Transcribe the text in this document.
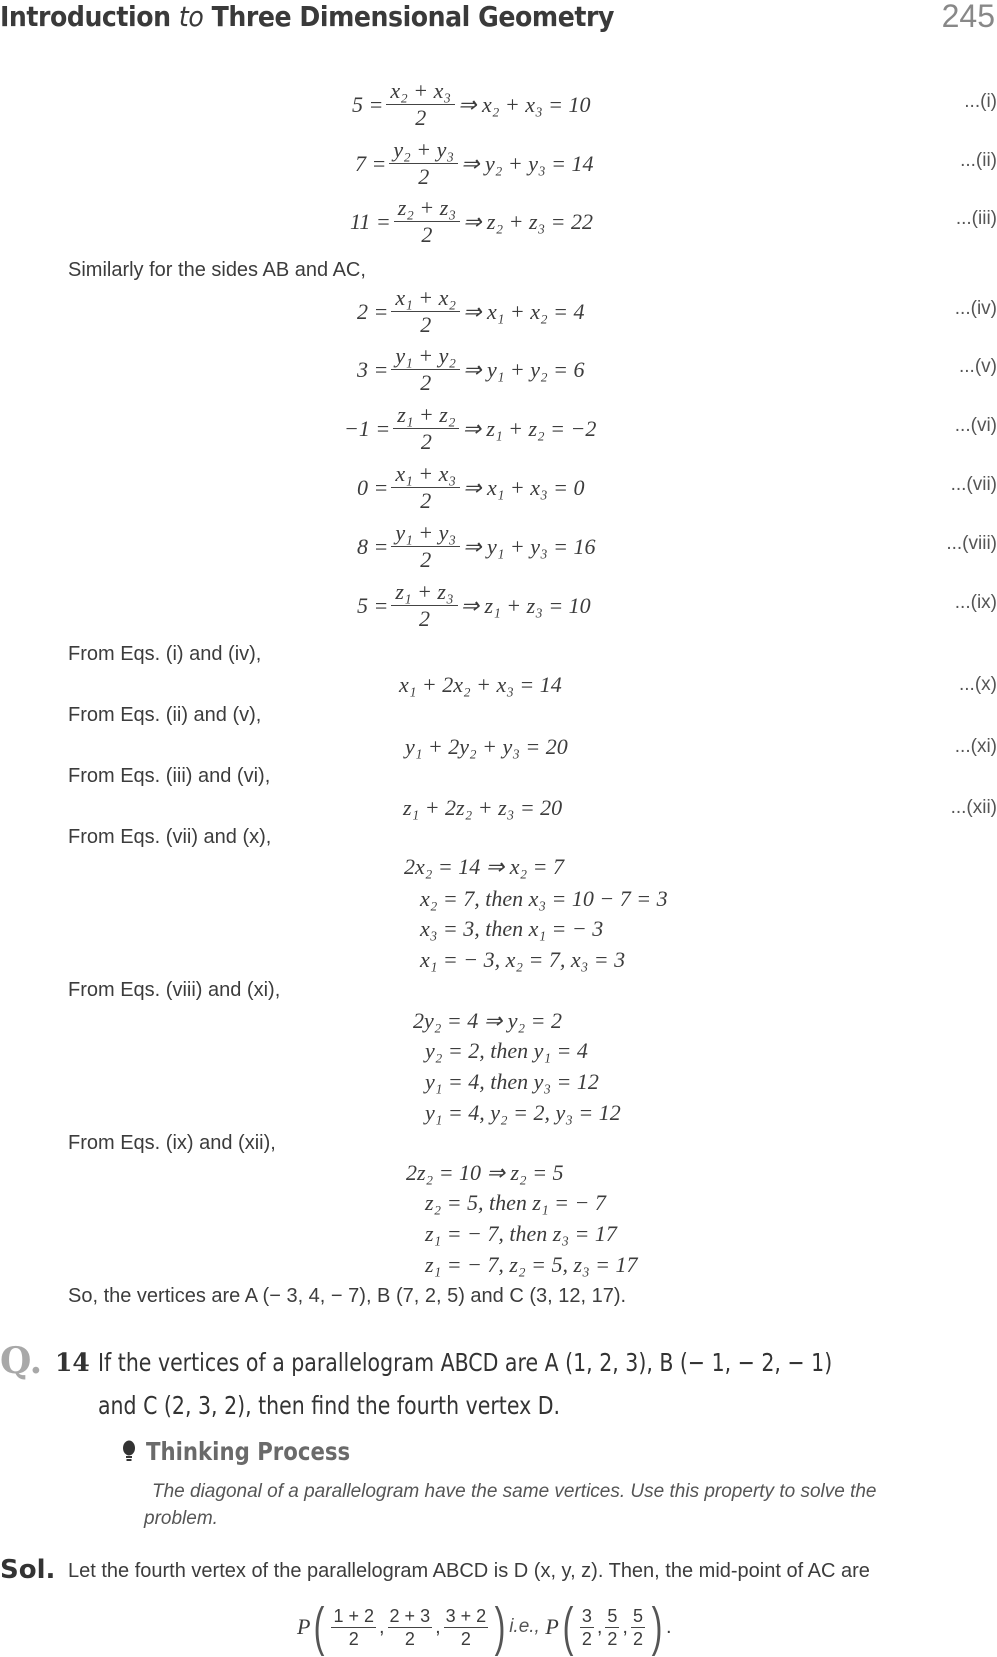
Introduction to Three Dimensional Geometry	245
$5 = \frac{\text{x₂ + x₃}}{2}$ ⇒ x₂ + x₃ = 10	...(i)
$7 = \frac{\text{y₂ + y₃}}{2}$ ⇒ y₂ + y₃ = 14	...(ii)
$11 = \frac{\text{z₂ + z₃}}{2}$ ⇒ z₂ + z₃ = 22	...(iii)
Similarly for the sides AB and AC,
$2 = \frac{\text{x₁ + x₂}}{2}$ ⇒ x₁ + x₂ = 4	...(iv)
$3 = \frac{\text{y₁ + y₂}}{2}$ ⇒ y₁ + y₂ = 6	...(v)
$-1 = \frac{\text{z₁ + z₂}}{2}$ ⇒ z₁ + z₂ = −2	...(vi)
$0 = \frac{\text{x₁ + x₃}}{2}$ ⇒ x₁ + x₃ = 0	...(vii)
$8 = \frac{\text{y₁ + y₃}}{2}$ ⇒ y₁ + y₃ = 16	...(viii)
$5 = \frac{\text{z₁ + z₃}}{2}$ ⇒ z₁ + z₃ = 10	...(ix)
From Eqs. (i) and (iv),
x₁ + 2x₂ + x₃ = 14	...(x)
From Eqs. (ii) and (v),
y₁ + 2y₂ + y₃ = 20	...(xi)
From Eqs. (iii) and (vi),
z₁ + 2z₂ + z₃ = 20	...(xii)
From Eqs. (vii) and (x),
2x₂ = 14 ⇒ x₂ = 7
x₂ = 7, then x₃ = 10 − 7 = 3
x₃ = 3, then x₁ = − 3
x₁ = − 3, x₂ = 7, x₃ = 3
From Eqs. (viii) and (xi),
2y₂ = 4 ⇒ y₂ = 2
y₂ = 2, then y₁ = 4
y₁ = 4, then y₃ = 12
y₁ = 4, y₂ = 2, y₃ = 12
From Eqs. (ix) and (xii),
2z₂ = 10 ⇒ z₂ = 5
z₂ = 5, then z₁ = − 7
z₁ = − 7, then z₃ = 17
z₁ = − 7, z₂ = 5, z₃ = 17
So, the vertices are A (− 3, 4, − 7), B (7, 2, 5) and C (3, 12, 17).
Q. 14 If the vertices of a parallelogram ABCD are A (1, 2, 3), B (− 1, − 2, − 1)
and C (2, 3, 2), then find the fourth vertex D.
Thinking Process
The diagonal of a parallelogram have the same vertices. Use this property to solve the
problem.
Sol. Let the fourth vertex of the parallelogram ABCD is D (x, y, z). Then, the mid-point of AC are
P ( $\frac{1 + 2}{2}$ , $\frac{2 + 3}{2}$ , $\frac{3 + 2}{2}$ ) i.e.,
P ( $\frac{3}{2}$ , $\frac{5}{2}$ , $\frac{5}{2}$ ) .
